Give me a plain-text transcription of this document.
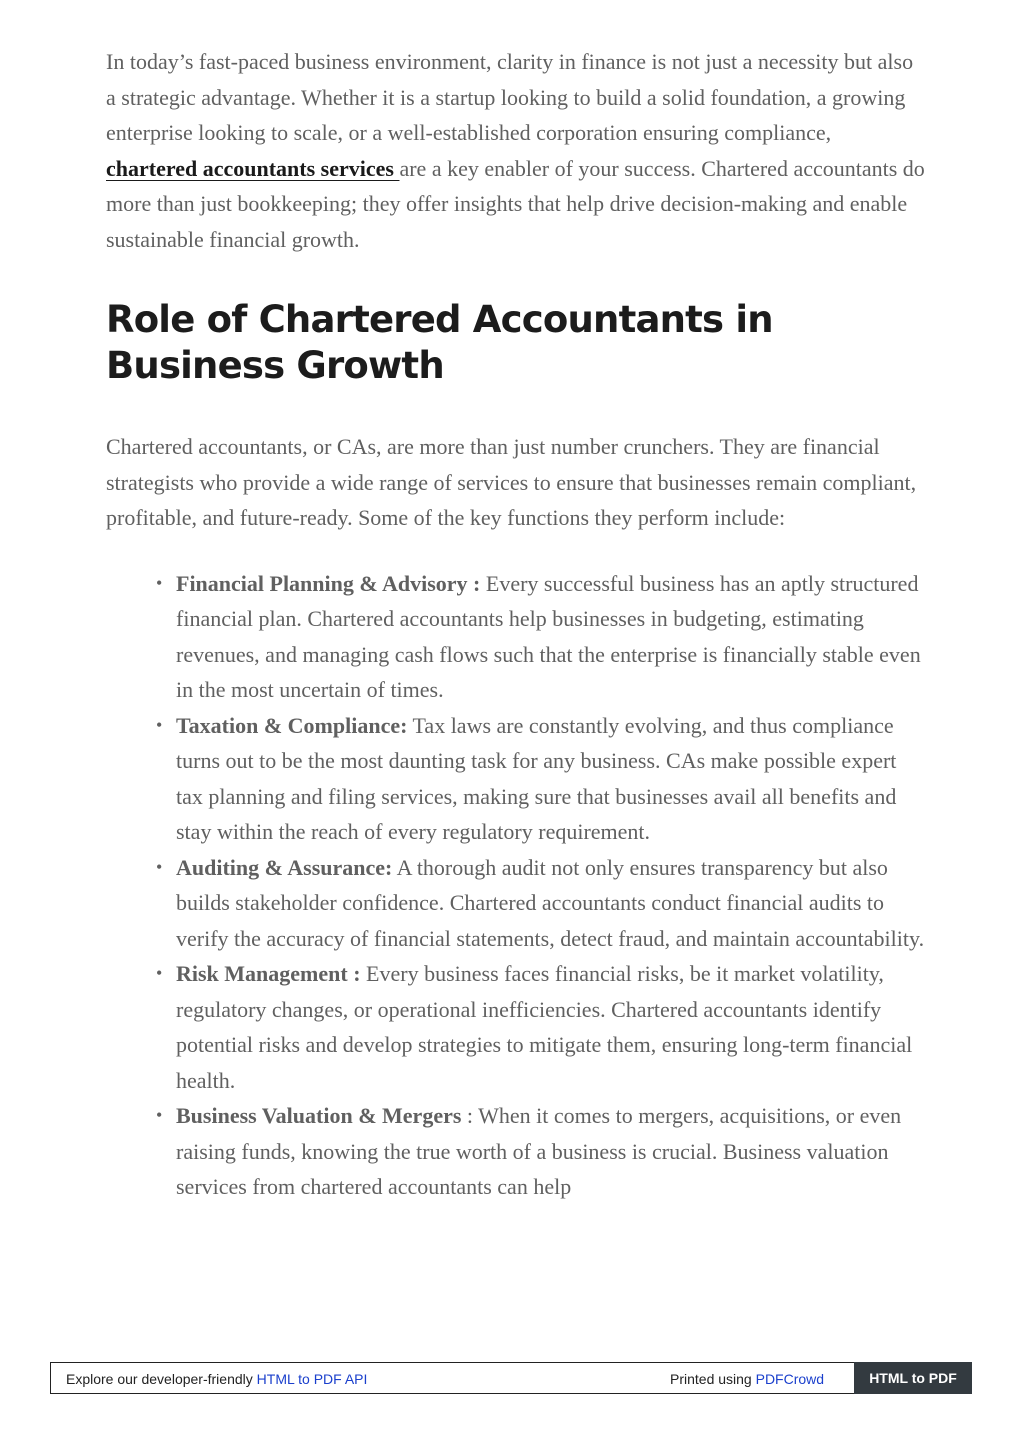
In today’s fast-paced business environment, clarity in finance is not just a necessity but also a strategic advantage. Whether it is a startup looking to build a solid foundation, a growing enterprise looking to scale, or a well-established corporation ensuring compliance, chartered accountants services are a key enabler of your success. Chartered accountants do more than just bookkeeping; they offer insights that help drive decision-making and enable sustainable financial growth.

Role of Chartered Accountants in Business Growth

Chartered accountants, or CAs, are more than just number crunchers. They are financial strategists who provide a wide range of services to ensure that businesses remain compliant, profitable, and future-ready. Some of the key functions they perform include:

• Financial Planning & Advisory : Every successful business has an aptly structured financial plan. Chartered accountants help businesses in budgeting, estimating revenues, and managing cash flows such that the enterprise is financially stable even in the most uncertain of times.
• Taxation & Compliance: Tax laws are constantly evolving, and thus compliance turns out to be the most daunting task for any business. CAs make possible expert tax planning and filing services, making sure that businesses avail all benefits and stay within the reach of every regulatory requirement.
• Auditing & Assurance: A thorough audit not only ensures transparency but also builds stakeholder confidence. Chartered accountants conduct financial audits to verify the accuracy of financial statements, detect fraud, and maintain accountability.
• Risk Management : Every business faces financial risks, be it market volatility, regulatory changes, or operational inefficiencies. Chartered accountants identify potential risks and develop strategies to mitigate them, ensuring long-term financial health.
• Business Valuation & Mergers : When it comes to mergers, acquisitions, or even raising funds, knowing the true worth of a business is crucial. Business valuation services from chartered accountants can help
Explore our developer-friendly HTML to PDF API	Printed using PDFCrowd	HTML to PDF
